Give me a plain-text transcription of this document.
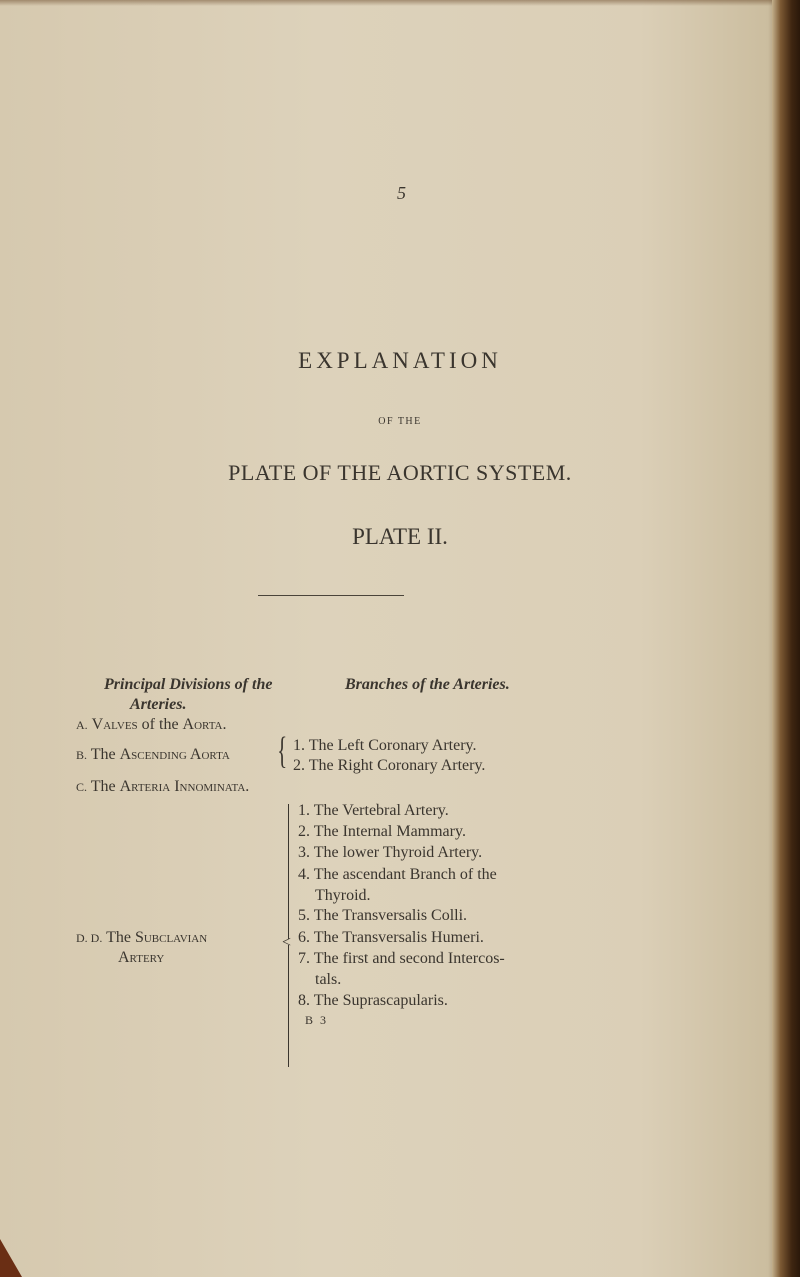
5
EXPLANATION
OF THE
PLATE OF THE AORTIC SYSTEM.
PLATE II.
Principal Divisions of the
Arteries.
Branches of the Arteries.
A. Valves of the Aorta.
B. The Ascending Aorta { 1. The Left Coronary Artery.
2. The Right Coronary Artery.
C. The Arteria Innominata.
<
D. D. The Subclavian
Artery
1. The Vertebral Artery.
2. The Internal Mammary.
3. The lower Thyroid Artery.
4. The ascendant Branch of the
Thyroid.
5. The Transversalis Colli.
6. The Transversalis Humeri.
7. The first and second Intercos-
tals.
8. The Suprascapularis.
B 3
